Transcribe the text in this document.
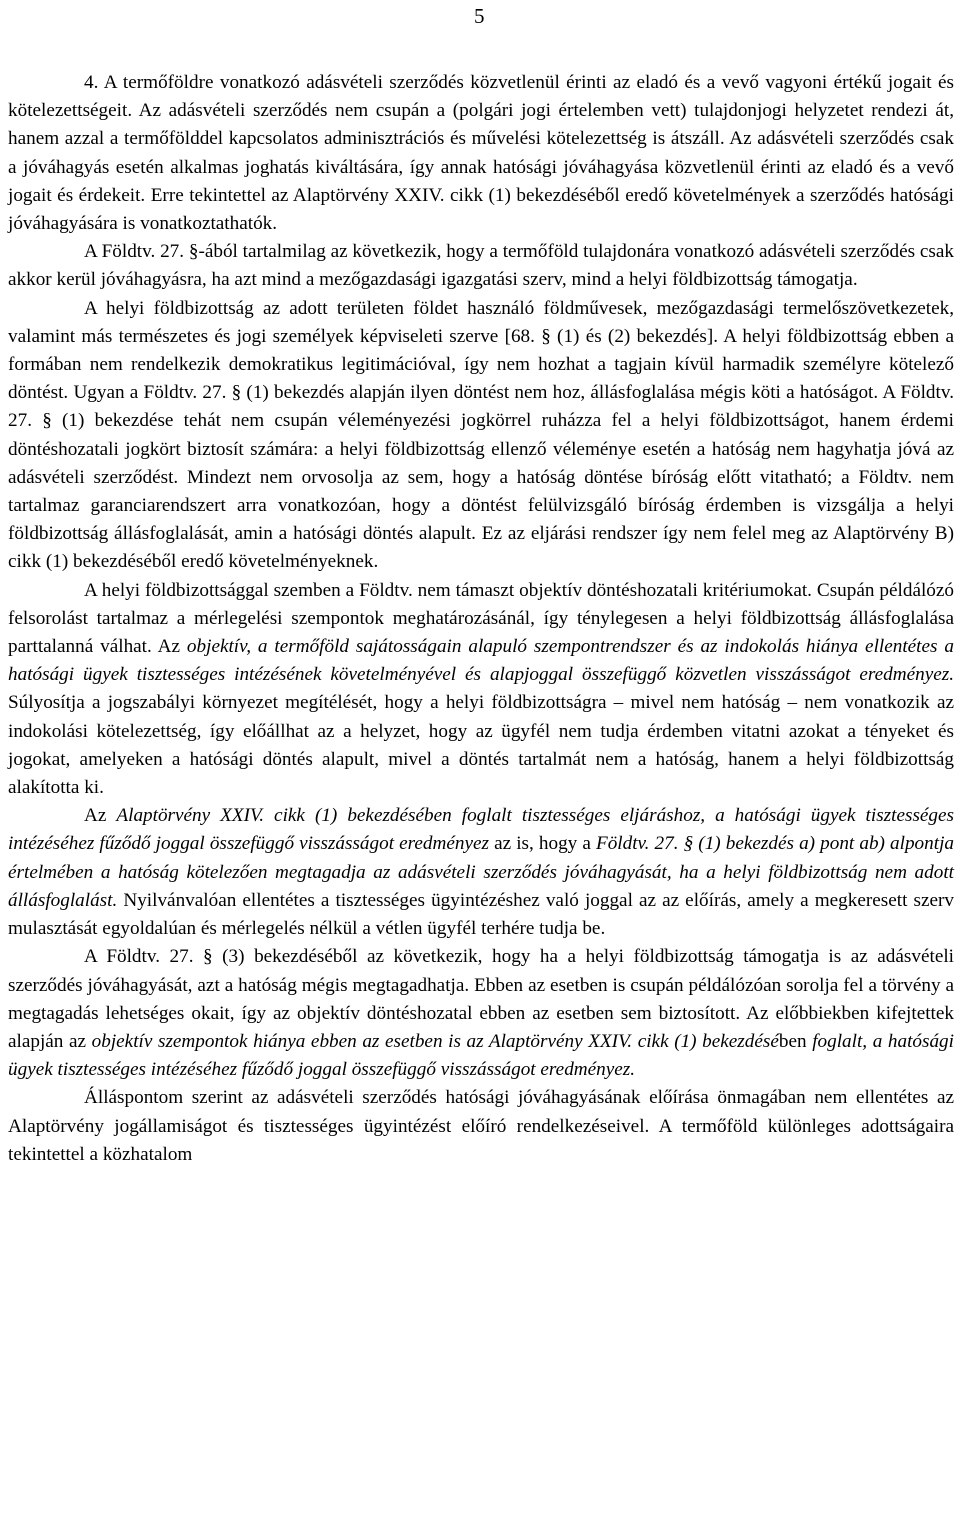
5

4. A termőföldre vonatkozó adásvételi szerződés közvetlenül érinti az eladó és a vevő vagyoni értékű jogait és kötelezettségeit. Az adásvételi szerződés nem csupán a (polgári jogi értelemben vett) tulajdonjogi helyzetet rendezi át, hanem azzal a termőfölddel kapcsolatos adminisztrációs és művelési kötelezettség is átszáll. Az adásvételi szerződés csak a jóváhagyás esetén alkalmas joghatás kiváltására, így annak hatósági jóváhagyása közvetlenül érinti az eladó és a vevő jogait és érdekeit. Erre tekintettel az Alaptörvény XXIV. cikk (1) bekezdéséből eredő követelmények a szerződés hatósági jóváhagyására is vonatkoztathatók.

A Földtv. 27. §-ából tartalmilag az következik, hogy a termőföld tulajdonára vonatkozó adásvételi szerződés csak akkor kerül jóváhagyásra, ha azt mind a mezőgazdasági igazgatási szerv, mind a helyi földbizottság támogatja.

A helyi földbizottság az adott területen földet használó földművesek, mezőgazdasági termelőszövetkezetek, valamint más természetes és jogi személyek képviseleti szerve [68. § (1) és (2) bekezdés]. A helyi földbizottság ebben a formában nem rendelkezik demokratikus legitimációval, így nem hozhat a tagjain kívül harmadik személyre kötelező döntést. Ugyan a Földtv. 27. § (1) bekezdés alapján ilyen döntést nem hoz, állásfoglalása mégis köti a hatóságot. A Földtv. 27. § (1) bekezdése tehát nem csupán véleményezési jogkörrel ruházza fel a helyi földbizottságot, hanem érdemi döntéshozatali jogkört biztosít számára: a helyi földbizottság ellenző véleménye esetén a hatóság nem hagyhatja jóvá az adásvételi szerződést. Mindezt nem orvosolja az sem, hogy a hatóság döntése bíróság előtt vitatható; a Földtv. nem tartalmaz garanciarendszert arra vonatkozóan, hogy a döntést felülvizsgáló bíróság érdemben is vizsgálja a helyi földbizottság állásfoglalását, amin a hatósági döntés alapult. Ez az eljárási rendszer így nem felel meg az Alaptörvény B) cikk (1) bekezdéséből eredő követelményeknek.

A helyi földbizottsággal szemben a Földtv. nem támaszt objektív döntéshozatali kritériumokat. Csupán példálózó felsorolást tartalmaz a mérlegelési szempontok meghatározásánál, így ténylegesen a helyi földbizottság állásfoglalása parttalanná válhat. Az objektív, a termőföld sajátosságain alapuló szempontrendszer és az indokolás hiánya ellentétes a hatósági ügyek tisztességes intézésének követelményével és alapjoggal összefüggő közvetlen visszásságot eredményez. Súlyosítja a jogszabályi környezet megítélését, hogy a helyi földbizottságra – mivel nem hatóság – nem vonatkozik az indokolási kötelezettség, így előállhat az a helyzet, hogy az ügyfél nem tudja érdemben vitatni azokat a tényeket és jogokat, amelyeken a hatósági döntés alapult, mivel a döntés tartalmát nem a hatóság, hanem a helyi földbizottság alakította ki.

Az Alaptörvény XXIV. cikk (1) bekezdésében foglalt tisztességes eljáráshoz, a hatósági ügyek tisztességes intézéséhez fűződő joggal összefüggő visszásságot eredményez az is, hogy a Földtv. 27. § (1) bekezdés a) pont ab) alpontja értelmében a hatóság kötelezően megtagadja az adásvételi szerződés jóváhagyását, ha a helyi földbizottság nem adott állásfoglalást. Nyilvánvalóan ellentétes a tisztességes ügyintézéshez való joggal az az előírás, amely a megkeresett szerv mulasztását egyoldalúan és mérlegelés nélkül a vétlen ügyfél terhére tudja be.

A Földtv. 27. § (3) bekezdéséből az következik, hogy ha a helyi földbizottság támogatja is az adásvételi szerződés jóváhagyását, azt a hatóság mégis megtagadhatja. Ebben az esetben is csupán példálózóan sorolja fel a törvény a megtagadás lehetséges okait, így az objektív döntéshozatal ebben az esetben sem biztosított. Az előbbiekben kifejtettek alapján az objektív szempontok hiánya ebben az esetben is az Alaptörvény XXIV. cikk (1) bekezdésében foglalt, a hatósági ügyek tisztességes intézéséhez fűződő joggal összefüggő visszásságot eredményez.

Álláspontom szerint az adásvételi szerződés hatósági jóváhagyásának előírása önmagában nem ellentétes az Alaptörvény jogállamiságot és tisztességes ügyintézést előíró rendelkezéseivel. A termőföld különleges adottságaira tekintettel a közhatalom
